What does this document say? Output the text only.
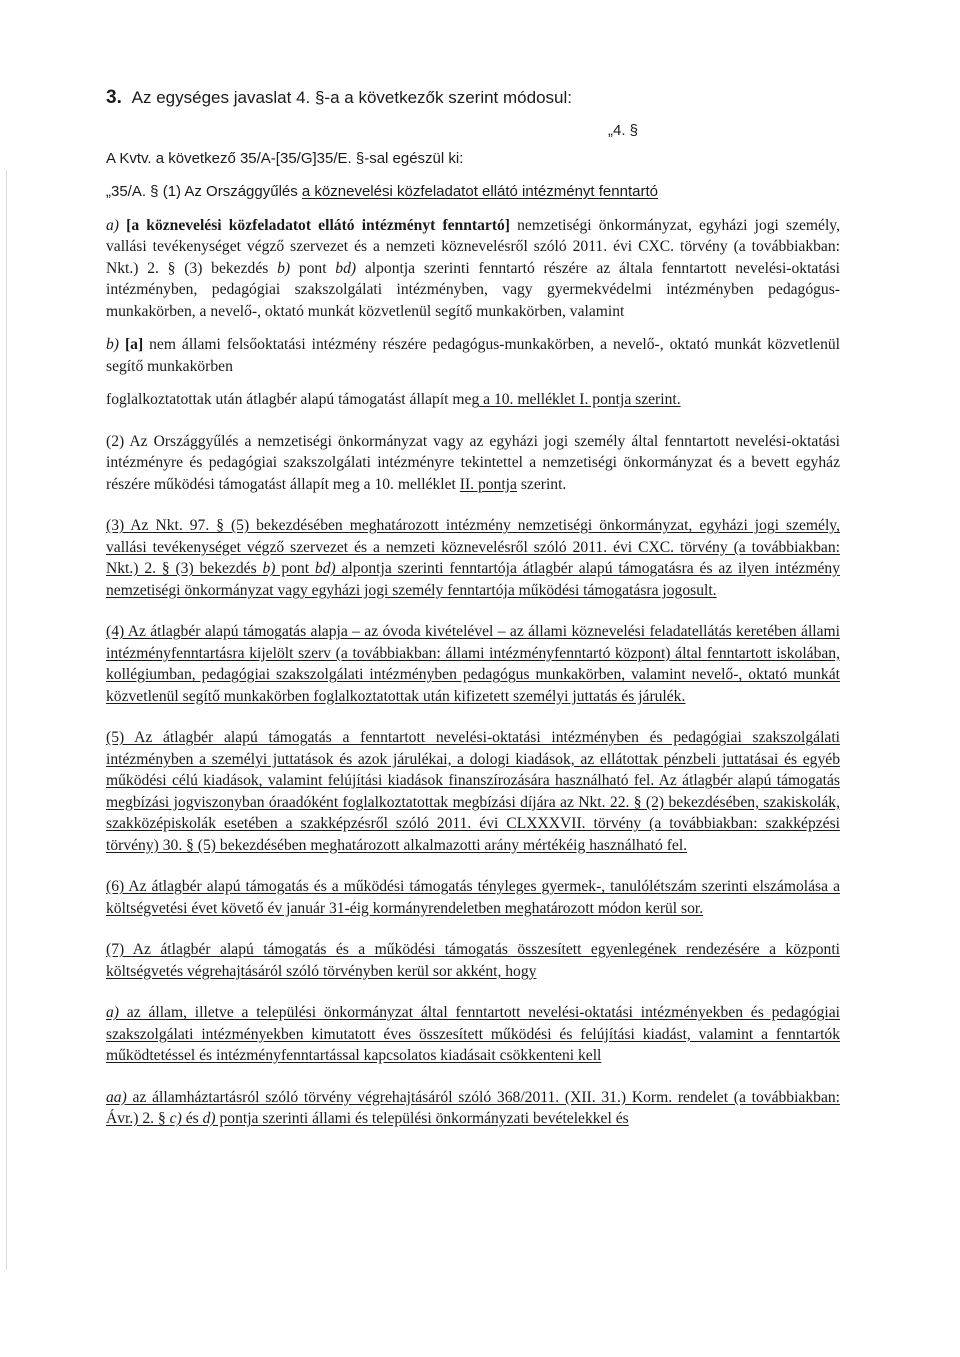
3. Az egységes javaslat 4. §-a a következők szerint módosul:
„4. §

A Kvtv. a következő 35/A-[35/G]35/E. §-sal egészül ki:

„35/A. § (1) Az Országgyűlés a köznevelési közfeladatot ellátó intézményt fenntartó

a) [a köznevelési közfeladatot ellátó intézményt fenntartó] nemzetiségi önkormányzat, egyházi jogi személy, vallási tevékenységet végző szervezet és a nemzeti köznevelésről szóló 2011. évi CXC. törvény (a továbbiakban: Nkt.) 2. § (3) bekezdés b) pont bd) alpontja szerinti fenntartó részére az általa fenntartott nevelési-oktatási intézményben, pedagógiai szakszolgálati intézményben, vagy gyermekvédelmi intézményben pedagógus-munkakörben, a nevelő-, oktató munkát közvetlenül segítő munkakörben, valamint

b) [a] nem állami felsőoktatási intézmény részére pedagógus-munkakörben, a nevelő-, oktató munkát közvetlenül segítő munkakörben

foglalkoztatottak után átlagbér alapú támogatást állapít meg a 10. melléklet I. pontja szerint.

(2) Az Országgyűlés a nemzetiségi önkormányzat vagy az egyházi jogi személy által fenntartott nevelési-oktatási intézményre és pedagógiai szakszolgálati intézményre tekintettel a nemzetiségi önkormányzat és a bevett egyház részére működési támogatást állapít meg a 10. melléklet II. pontja szerint.

(3) Az Nkt. 97. § (5) bekezdésében meghatározott intézmény nemzetiségi önkormányzat, egyházi jogi személy, vallási tevékenységet végző szervezet és a nemzeti köznevelésről szóló 2011. évi CXC. törvény (a továbbiakban: Nkt.) 2. § (3) bekezdés b) pont bd) alpontja szerinti fenntartója átlagbér alapú támogatásra és az ilyen intézmény nemzetiségi önkormányzat vagy egyházi jogi személy fenntartója működési támogatásra jogosult.

(4) Az átlagbér alapú támogatás alapja – az óvoda kivételével – az állami köznevelési feladatellátás keretében állami intézményfenntartásra kijelölt szerv (a továbbiakban: állami intézményfenntartó központ) által fenntartott iskolában, kollégiumban, pedagógiai szakszolgálati intézményben pedagógus munkakörben, valamint nevelő-, oktató munkát közvetlenül segítő munkakörben foglalkoztatottak után kifizetett személyi juttatás és járulék.

(5) Az átlagbér alapú támogatás a fenntartott nevelési-oktatási intézményben és pedagógiai szakszolgálati intézményben a személyi juttatások és azok járulékai, a dologi kiadások, az ellátottak pénzbeli juttatásai és egyéb működési célú kiadások, valamint felújítási kiadások finanszírozására használható fel. Az átlagbér alapú támogatás megbízási jogviszonyban óraadóként foglalkoztatottak megbízási díjára az Nkt. 22. § (2) bekezdésében, szakiskolák, szakközépiskolák esetében a szakképzésről szóló 2011. évi CLXXXVII. törvény (a továbbiakban: szakképzési törvény) 30. § (5) bekezdésében meghatározott alkalmazotti arány mértékéig használható fel.

(6) Az átlagbér alapú támogatás és a működési támogatás tényleges gyermek-, tanulólétszám szerinti elszámolása a költségvetési évet követő év január 31-éig kormányrendeletben meghatározott módon kerül sor.

(7) Az átlagbér alapú támogatás és a működési támogatás összesített egyenlegének rendezésére a központi költségvetés végrehajtásáról szóló törvényben kerül sor akként, hogy

a) az állam, illetve a települési önkormányzat által fenntartott nevelési-oktatási intézményekben és pedagógiai szakszolgálati intézményekben kimutatott éves összesített működési és felújítási kiadást, valamint a fenntartók működtetéssel és intézményfenntartással kapcsolatos kiadásait csökkenteni kell

aa) az államháztartásról szóló törvény végrehajtásáról szóló 368/2011. (XII. 31.) Korm. rendelet (a továbbiakban: Ávr.) 2. § c) és d) pontja szerinti állami és települési önkormányzati bevételekkel és
